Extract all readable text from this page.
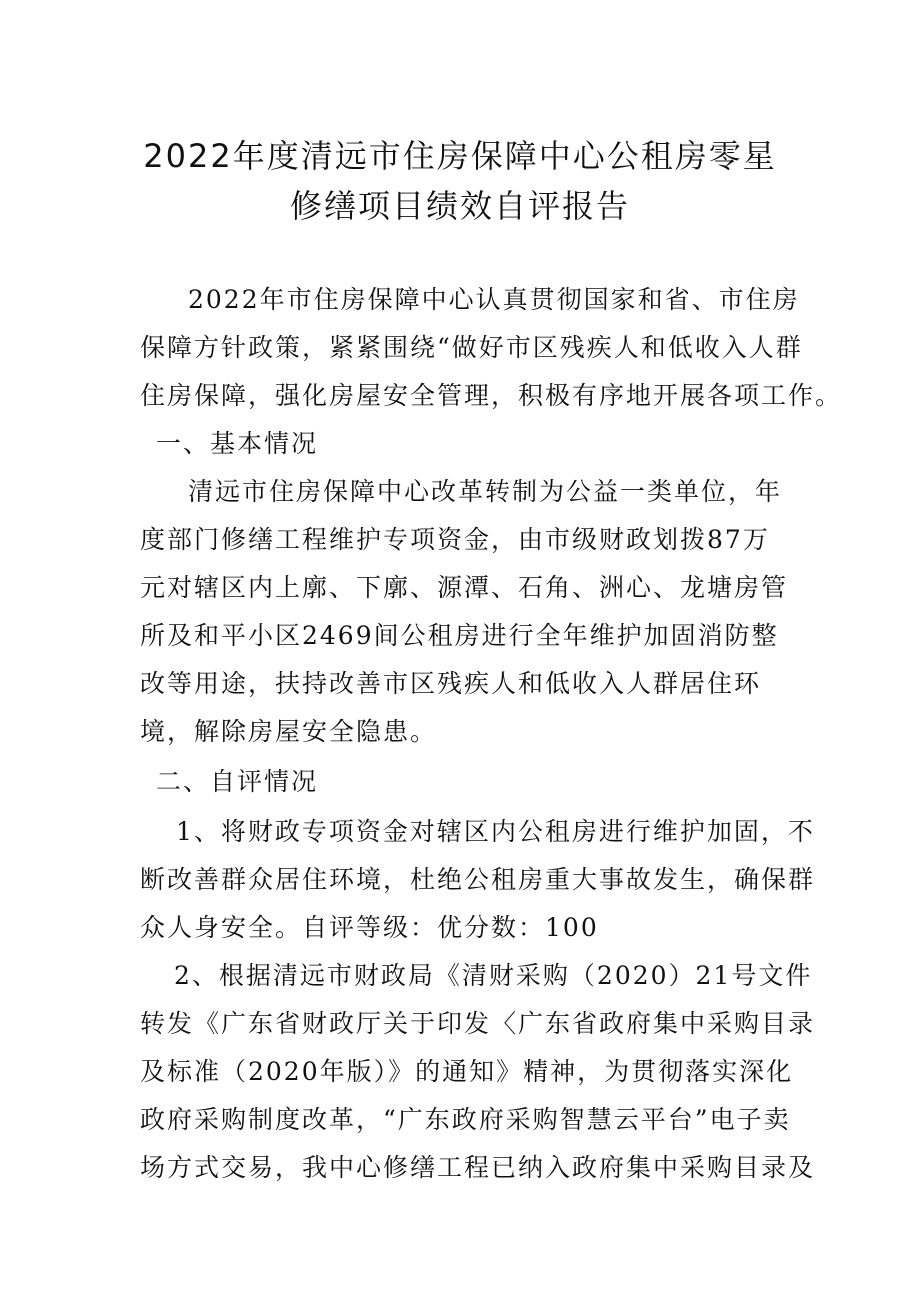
2022年度清远市住房保障中心公租房零星
修缮项目绩效自评报告
2022年市住房保障中心认真贯彻国家和省、市住房
保障方针政策，紧紧围绕“做好市区残疾人和低收入人群
住房保障，强化房屋安全管理，积极有序地开展各项工作。
一、基本情况
清远市住房保障中心改革转制为公益一类单位，年
度部门修缮工程维护专项资金，由市级财政划拨87万
元对辖区内上廓、下廓、源潭、石角、洲心、龙塘房管
所及和平小区2469间公租房进行全年维护加固消防整
改等用途，扶持改善市区残疾人和低收入人群居住环
境，解除房屋安全隐患。
二、自评情况
1、将财政专项资金对辖区内公租房进行维护加固，不
断改善群众居住环境，杜绝公租房重大事故发生，确保群
众人身安全。自评等级：优分数：100
2、根据清远市财政局《清财采购（2020）21号文件
转发《广东省财政厅关于印发〈广东省政府集中采购目录
及标准（2020年版）》的通知》精神，为贯彻落实深化
政府采购制度改革，“广东政府采购智慧云平台”电子卖
场方式交易，我中心修缮工程已纳入政府集中采购目录及
